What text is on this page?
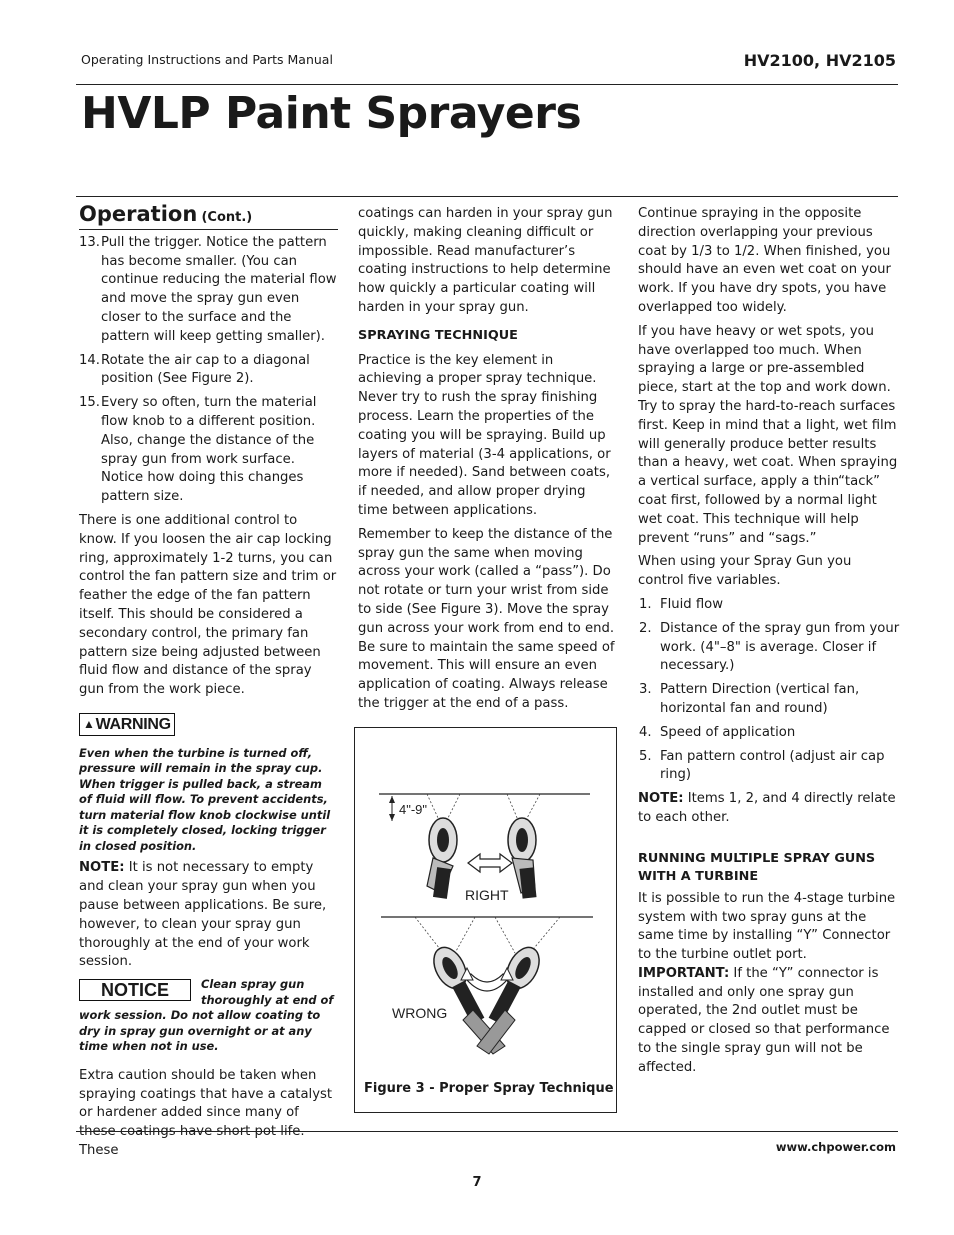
Operating Instructions and Parts Manual	HV2100, HV2105
HVLP Paint Sprayers
Operation (Cont.)
13. Pull the trigger. Notice the pattern has become smaller. (You can continue reducing the material flow and move the spray gun even closer to the surface and the pattern will keep getting smaller).
14. Rotate the air cap to a diagonal position (See Figure 2).
15. Every so often, turn the material flow knob to a different position. Also, change the distance of the spray gun from work surface. Notice how doing this changes pattern size.

There is one additional control to know. If you loosen the air cap locking ring, approximately 1-2 turns, you can control the fan pattern size and trim or feather the edge of the fan pattern itself. This should be considered a secondary control, the primary fan pattern size being adjusted between fluid flow and distance of the spray gun from the work piece.

▲WARNING

Even when the turbine is turned off, pressure will remain in the spray cup. When trigger is pulled back, a stream of fluid will flow. To prevent accidents, turn material flow knob clockwise until it is completely closed, locking trigger in closed position.

NOTE: It is not necessary to empty and clean your spray gun when you pause between applications. Be sure, however, to clean your spray gun thoroughly at the end of your work session.

NOTICE	Clean spray gun thoroughly at end of work session. Do not allow coating to dry in spray gun overnight or at any time when not in use.

Extra caution should be taken when spraying coatings that have a catalyst or hardener added since many of these coatings have short pot life. These

coatings can harden in your spray gun quickly, making cleaning difficult or impossible. Read manufacturer’s coating instructions to help determine how quickly a particular coating will harden in your spray gun.

SPRAYING TECHNIQUE

Practice is the key element in achieving a proper spray technique. Never try to rush the spray finishing process. Learn the properties of the coating you will be spraying. Build up layers of material (3-4 applications, or more if needed). Sand between coats, if needed, and allow proper drying time between applications.

Remember to keep the distance of the spray gun the same when moving across your work (called a “pass”). Do not rotate or turn your wrist from side to side (See Figure 3). Move the spray gun across your work from end to end. Be sure to maintain the same speed of movement. This will ensure an even application of coating. Always release the trigger at the end of a pass.

4"-9"
RIGHT
WRONG
Figure 3 - Proper Spray Technique

Continue spraying in the opposite direction overlapping your previous coat by 1/3 to 1/2. When finished, you should have an even wet coat on your work. If you have dry spots, you have overlapped too widely.

If you have heavy or wet spots, you have overlapped too much. When spraying a large or pre-assembled piece, start at the top and work down. Try to spray the hard-to-reach surfaces first. Keep in mind that a light, wet film will generally produce better results than a heavy, wet coat. When spraying a vertical surface, apply a thin“tack” coat first, followed by a normal light wet coat. This technique will help prevent “runs” and “sags.”

When using your Spray Gun you control five variables.

1. Fluid flow
2. Distance of the spray gun from your work. (4"–8" is average. Closer if necessary.)
3. Pattern Direction (vertical fan, horizontal fan and round)
4. Speed of application
5. Fan pattern control (adjust air cap ring)

NOTE: Items 1, 2, and 4 directly relate to each other.

RUNNING MULTIPLE SPRAY GUNS WITH A TURBINE

It is possible to run the 4-stage turbine system with two spray guns at the same time by installing “Y” Connector to the turbine outlet port.

IMPORTANT: If the “Y” connector is installed and only one spray gun operated, the 2nd outlet must be capped or closed so that performance to the single spray gun will not be affected.

www.chpower.com
7
